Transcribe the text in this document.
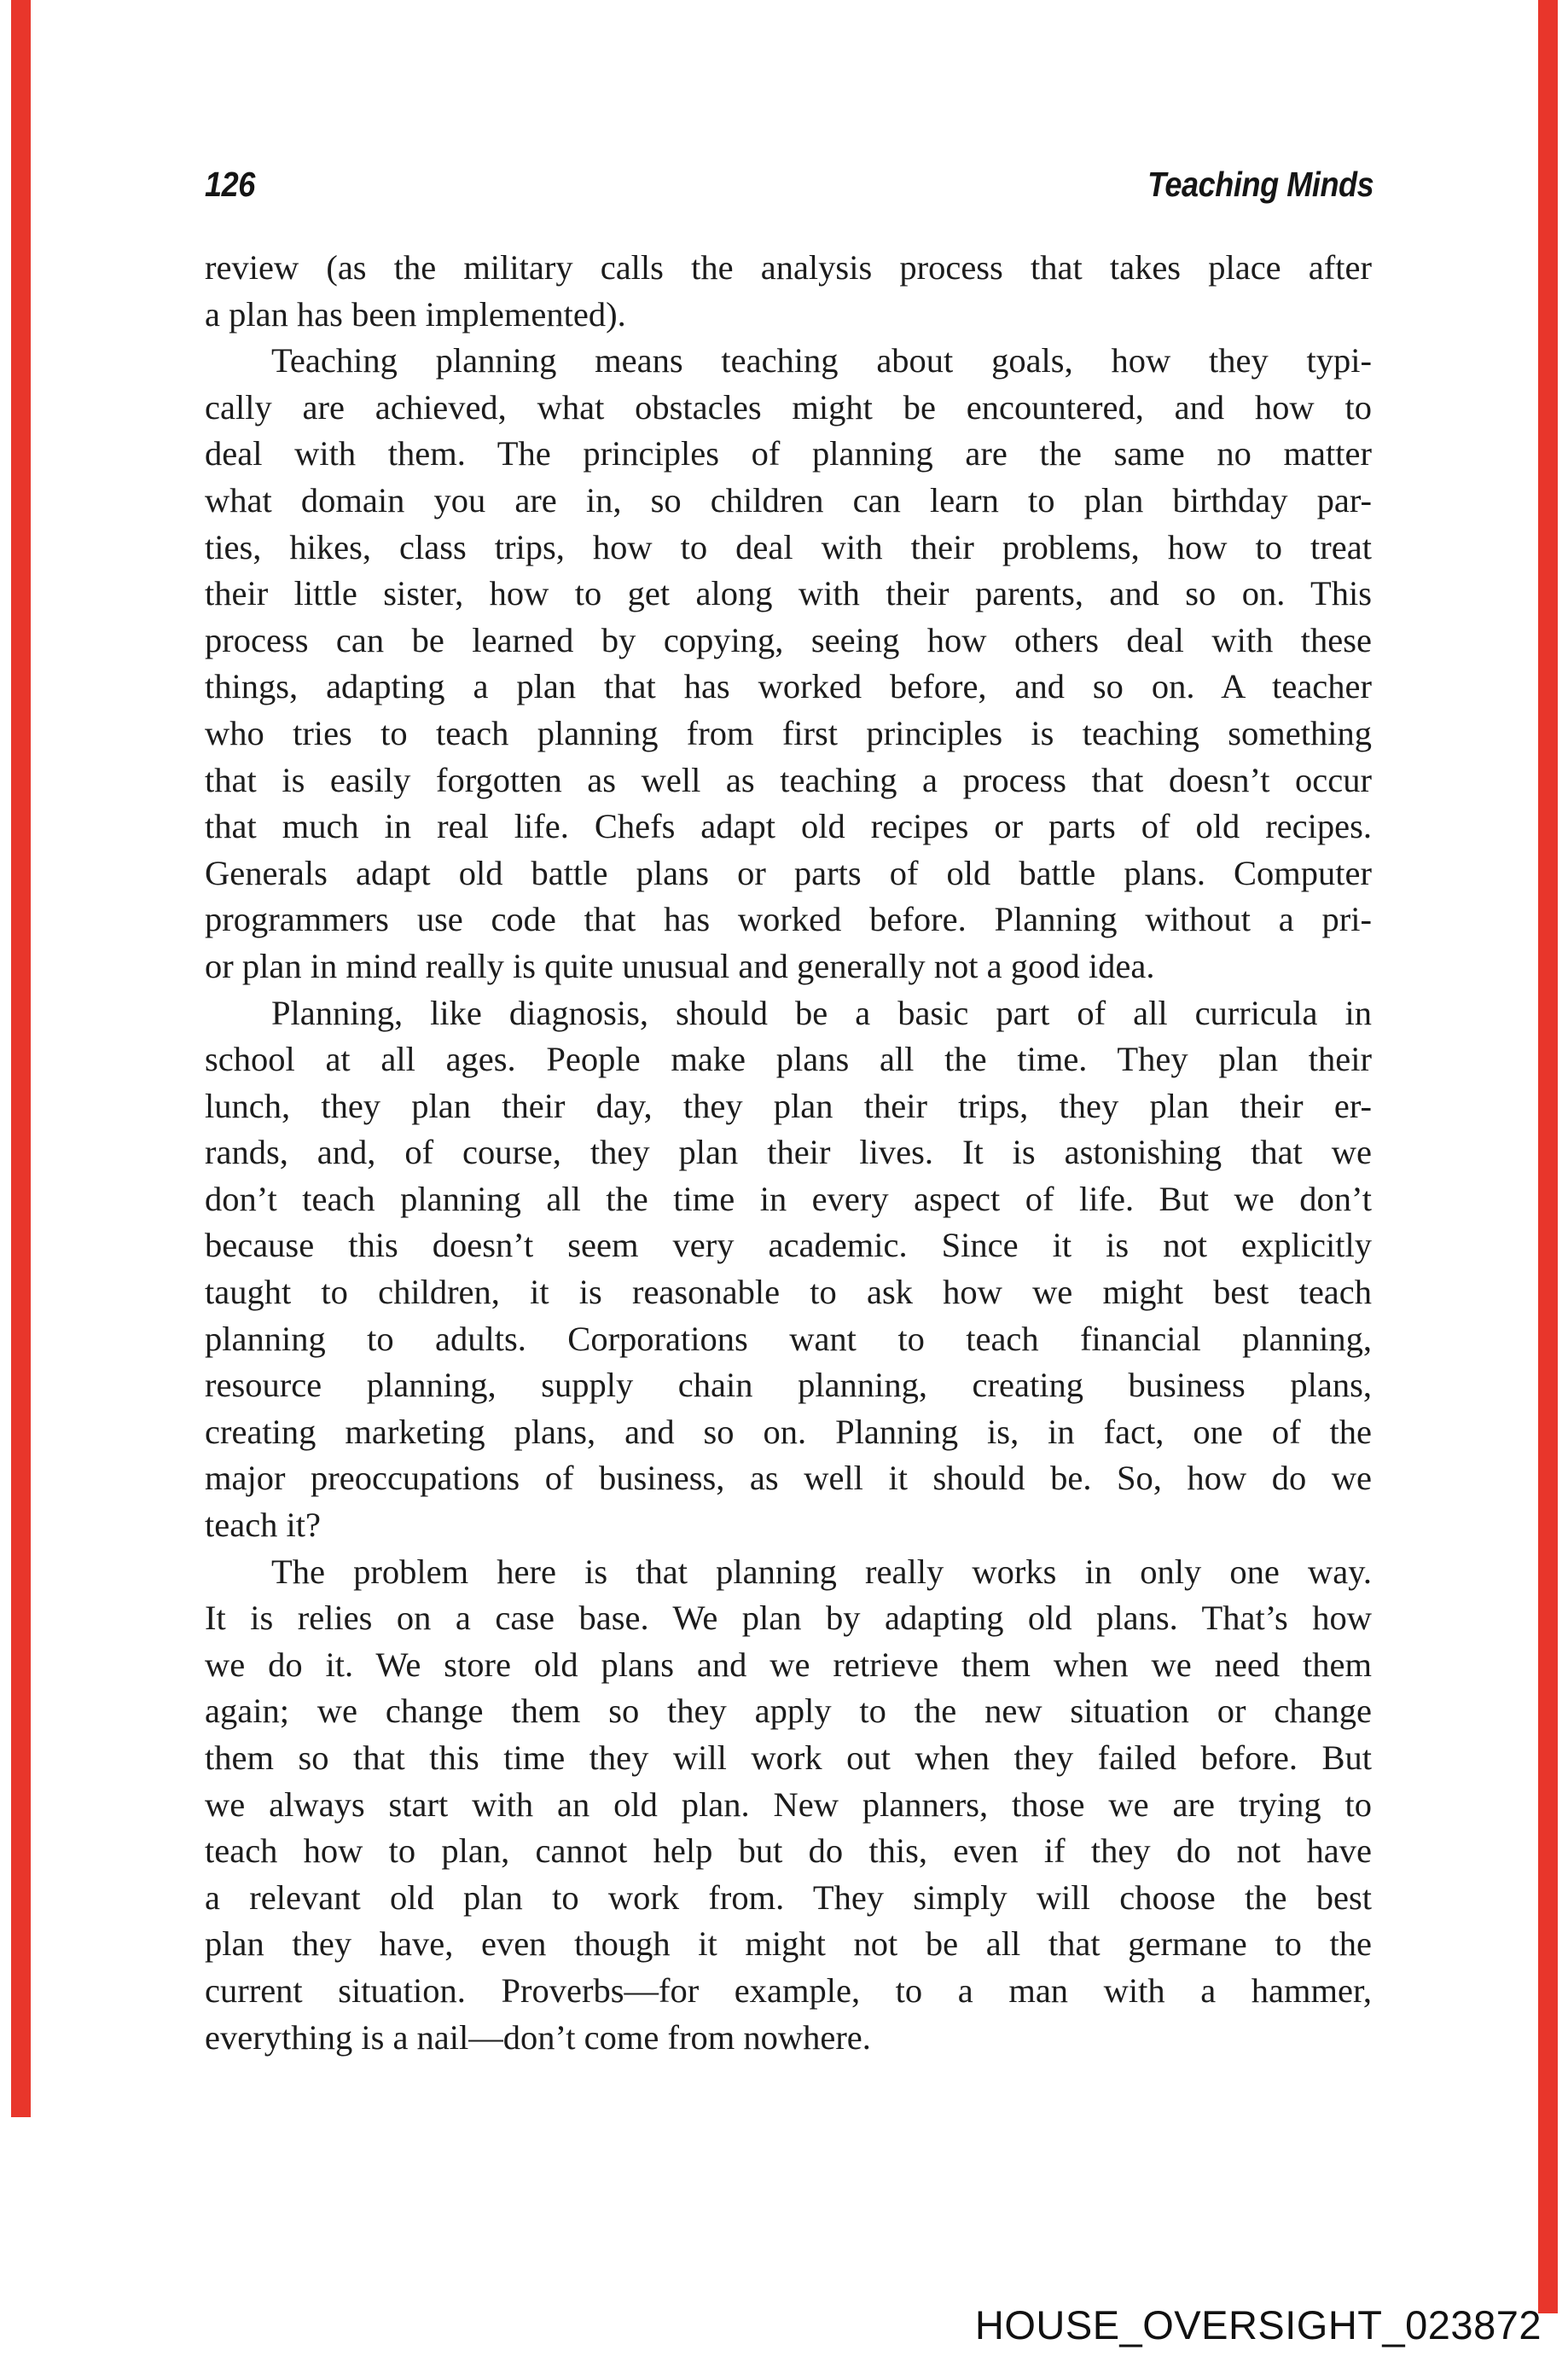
126	Teaching Minds
review (as the military calls the analysis process that takes place after
a plan has been implemented).
Teaching planning means teaching about goals, how they typi-
cally are achieved, what obstacles might be encountered, and how to
deal with them. The principles of planning are the same no matter
what domain you are in, so children can learn to plan birthday par-
ties, hikes, class trips, how to deal with their problems, how to treat
their little sister, how to get along with their parents, and so on. This
process can be learned by copying, seeing how others deal with these
things, adapting a plan that has worked before, and so on. A teacher
who tries to teach planning from first principles is teaching something
that is easily forgotten as well as teaching a process that doesn’t occur
that much in real life. Chefs adapt old recipes or parts of old recipes.
Generals adapt old battle plans or parts of old battle plans. Computer
programmers use code that has worked before. Planning without a pri-
or plan in mind really is quite unusual and generally not a good idea.
Planning, like diagnosis, should be a basic part of all curricula in
school at all ages. People make plans all the time. They plan their
lunch, they plan their day, they plan their trips, they plan their er-
rands, and, of course, they plan their lives. It is astonishing that we
don’t teach planning all the time in every aspect of life. But we don’t
because this doesn’t seem very academic. Since it is not explicitly
taught to children, it is reasonable to ask how we might best teach
planning to adults. Corporations want to teach financial planning,
resource planning, supply chain planning, creating business plans,
creating marketing plans, and so on. Planning is, in fact, one of the
major preoccupations of business, as well it should be. So, how do we
teach it?
The problem here is that planning really works in only one way.
It is relies on a case base. We plan by adapting old plans. That’s how
we do it. We store old plans and we retrieve them when we need them
again; we change them so they apply to the new situation or change
them so that this time they will work out when they failed before. But
we always start with an old plan. New planners, those we are trying to
teach how to plan, cannot help but do this, even if they do not have
a relevant old plan to work from. They simply will choose the best
plan they have, even though it might not be all that germane to the
current situation. Proverbs—for example, to a man with a hammer,
everything is a nail—don’t come from nowhere.
HOUSE_OVERSIGHT_023872
